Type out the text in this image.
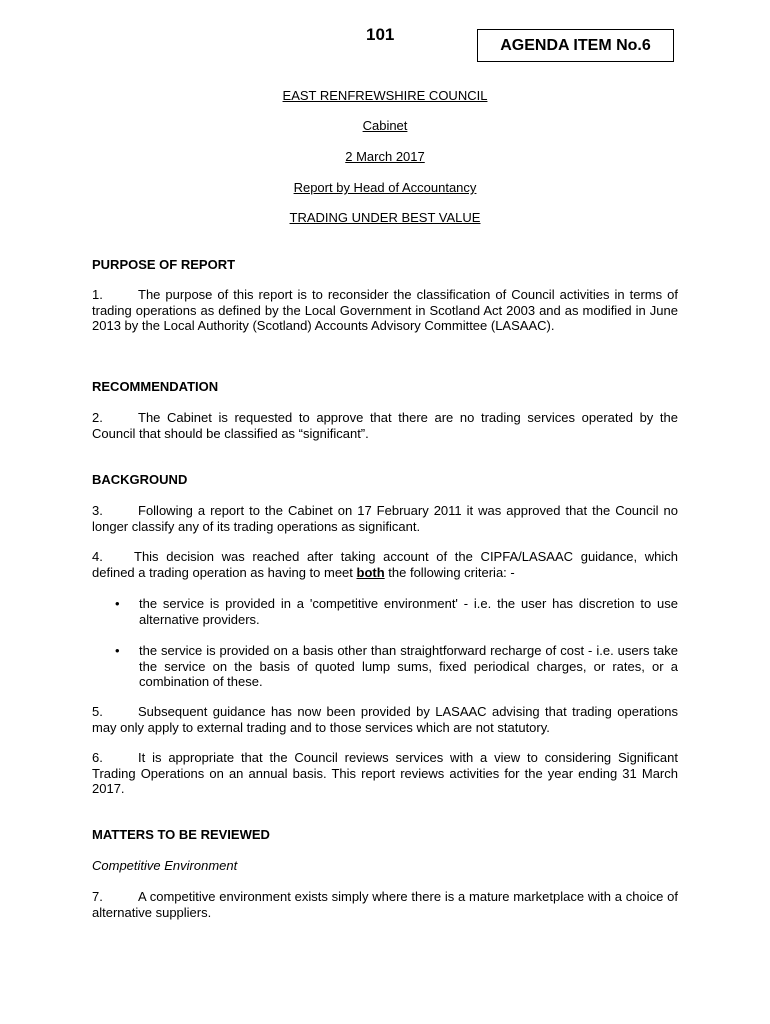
101
AGENDA ITEM No.6
EAST RENFREWSHIRE COUNCIL
Cabinet
2 March 2017
Report by Head of Accountancy
TRADING UNDER BEST VALUE
PURPOSE OF REPORT
1.	The purpose of this report is to reconsider the classification of Council activities in terms of trading operations as defined by the Local Government in Scotland Act 2003 and as modified in June 2013 by the Local Authority (Scotland) Accounts Advisory Committee (LASAAC).
RECOMMENDATION
2.	The Cabinet is requested to approve that there are no trading services operated by the Council that should be classified as “significant”.
BACKGROUND
3.	Following a report to the Cabinet on 17 February 2011 it was approved that the Council no longer classify any of its trading operations as significant.
4. This decision was reached after taking account of the CIPFA/LASAAC guidance, which defined a trading operation as having to meet both the following criteria: -
• the service is provided in a 'competitive environment' - i.e. the user has discretion to use alternative providers.
• the service is provided on a basis other than straightforward recharge of cost - i.e. users take the service on the basis of quoted lump sums, fixed periodical charges, or rates, or a combination of these.
5.	Subsequent guidance has now been provided by LASAAC advising that trading operations may only apply to external trading and to those services which are not statutory.
6.	It is appropriate that the Council reviews services with a view to considering Significant Trading Operations on an annual basis. This report reviews activities for the year ending 31 March 2017.
MATTERS TO BE REVIEWED
Competitive Environment
7.	A competitive environment exists simply where there is a mature marketplace with a choice of alternative suppliers.
